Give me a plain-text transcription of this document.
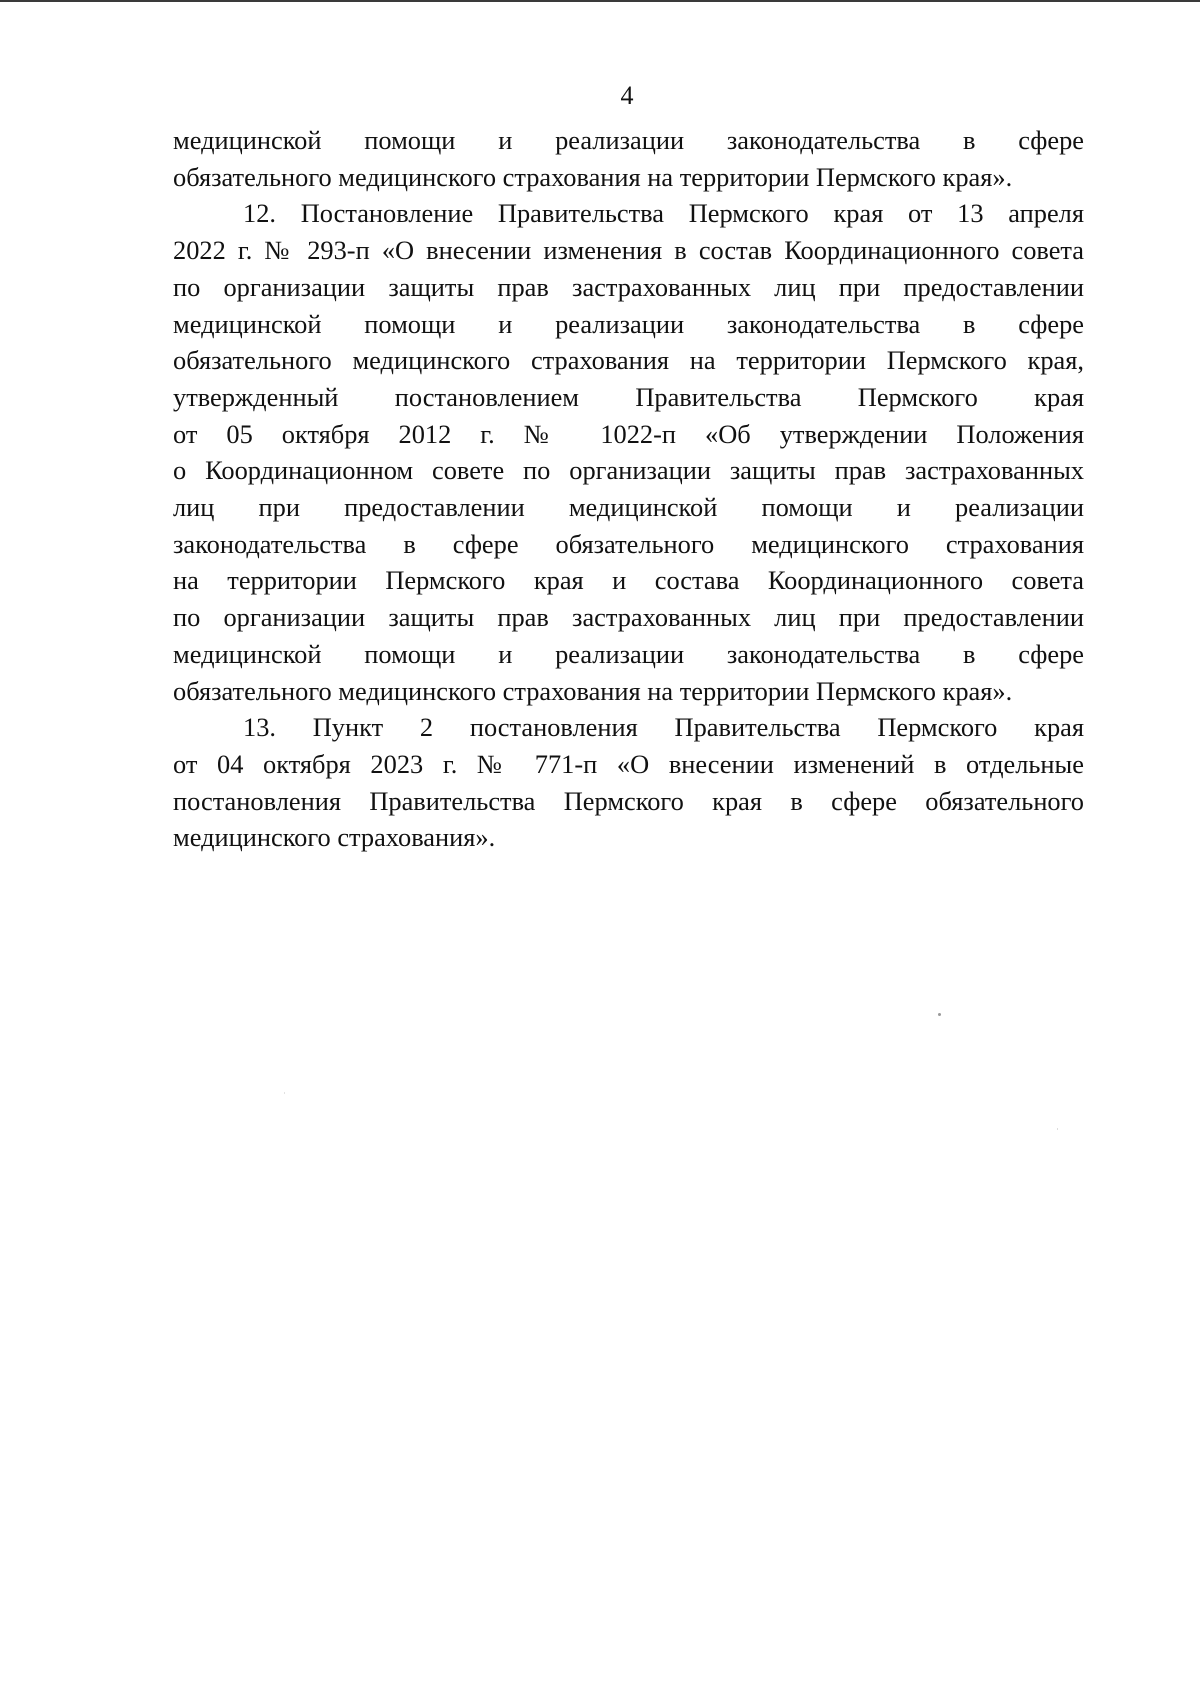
4
медицинской помощи и реализации законодательства в сфере
обязательного медицинского страхования на территории Пермского края».
12. Постановление Правительства Пермского края от 13 апреля
2022 г. № 293-п «О внесении изменения в состав Координационного совета
по организации защиты прав застрахованных лиц при предоставлении
медицинской помощи и реализации законодательства в сфере
обязательного медицинского страхования на территории Пермского края,
утвержденный постановлением Правительства Пермского края
от 05 октября 2012 г. № 1022-п «Об утверждении Положения
о Координационном совете по организации защиты прав застрахованных
лиц при предоставлении медицинской помощи и реализации
законодательства в сфере обязательного медицинского страхования
на территории Пермского края и состава Координационного совета
по организации защиты прав застрахованных лиц при предоставлении
медицинской помощи и реализации законодательства в сфере
обязательного медицинского страхования на территории Пермского края».
13. Пункт 2 постановления Правительства Пермского края
от 04 октября 2023 г. № 771-п «О внесении изменений в отдельные
постановления Правительства Пермского края в сфере обязательного
медицинского страхования».
